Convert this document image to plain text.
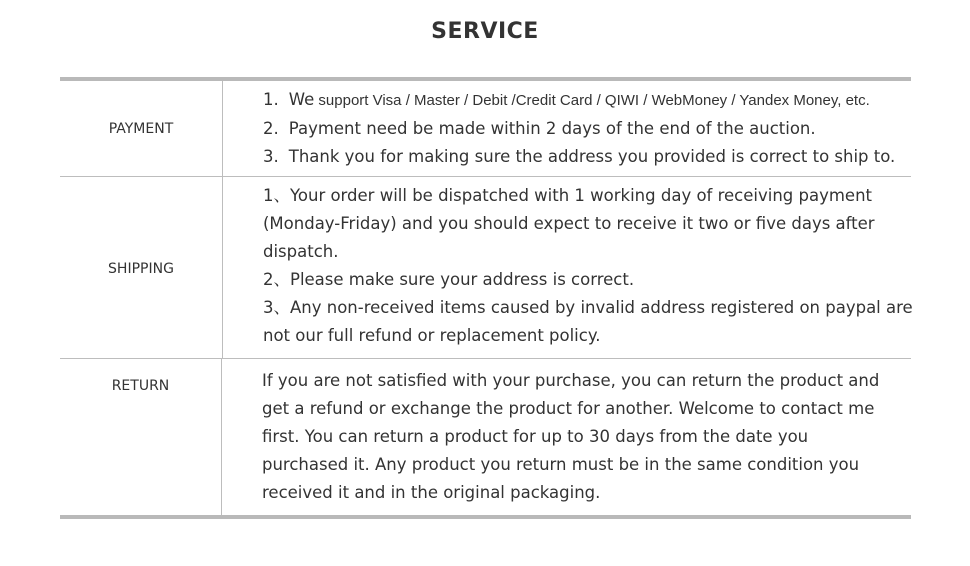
SERVICE
PAYMENT
1. We support Visa / Master / Debit /Credit Card / QIWI / WebMoney / Yandex Money, etc.
2. Payment need be made within 2 days of the end of the auction.
3. Thank you for making sure the address you provided is correct to ship to.
SHIPPING
1、Your order will be dispatched with 1 working day of receiving payment
(Monday-Friday) and you should expect to receive it two or five days after
dispatch.
2、Please make sure your address is correct.
3、Any non-received items caused by invalid address registered on paypal are
not our full refund or replacement policy.
RETURN	If you are not satisfied with your purchase, you can return the product and
get a refund or exchange the product for another. Welcome to contact me
first. You can return a product for up to 30 days from the date you
purchased it. Any product you return must be in the same condition you
received it and in the original packaging.
